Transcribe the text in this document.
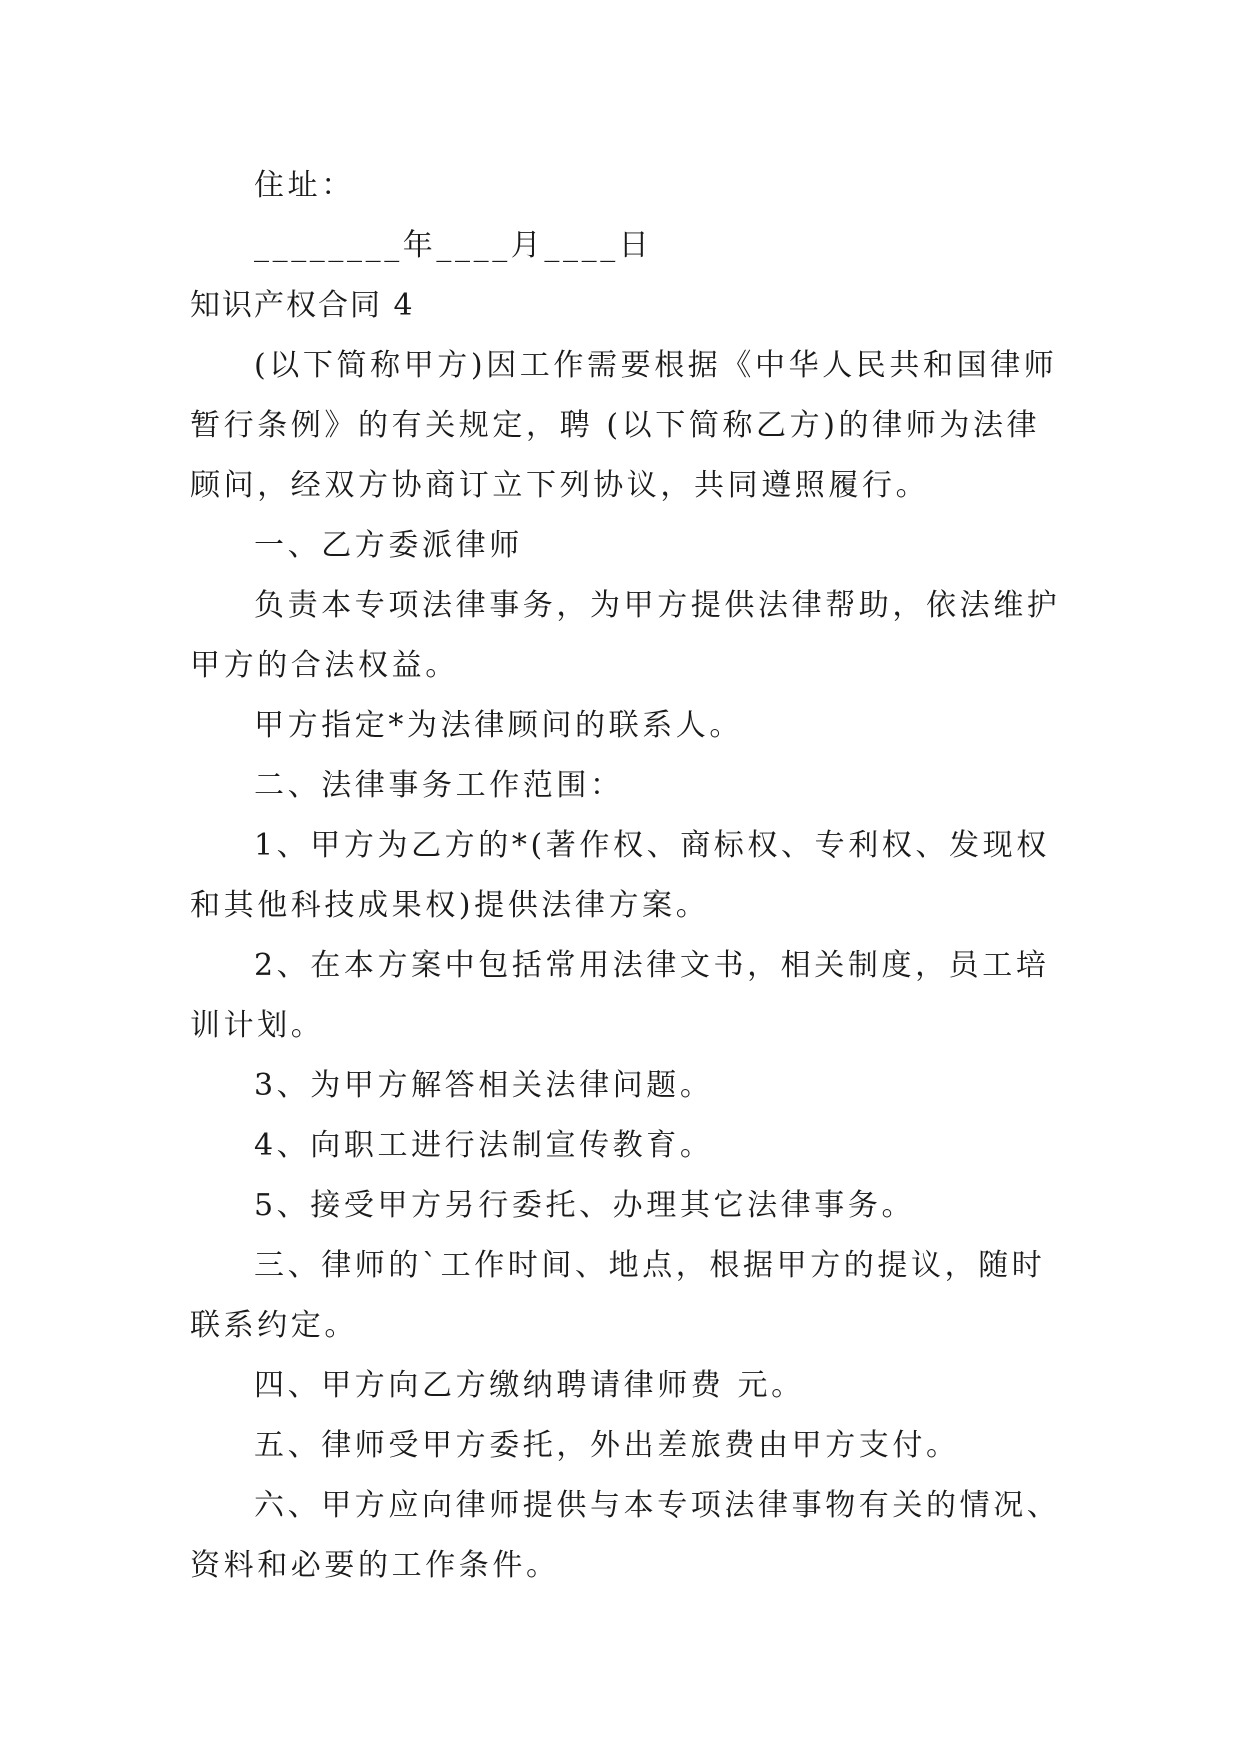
住址：

________年____月____日

知识产权合同 4

(以下简称甲方)因工作需要根据《中华人民共和国律师

暂行条例》的有关规定，聘 (以下简称乙方)的律师为法律

顾问，经双方协商订立下列协议，共同遵照履行。

一、乙方委派律师

负责本专项法律事务，为甲方提供法律帮助，依法维护

甲方的合法权益。

甲方指定*为法律顾问的联系人。

二、法律事务工作范围：

1、甲方为乙方的*(著作权、商标权、专利权、发现权

和其他科技成果权)提供法律方案。

2、在本方案中包括常用法律文书，相关制度，员工培

训计划。

3、为甲方解答相关法律问题。

4、向职工进行法制宣传教育。

5、接受甲方另行委托、办理其它法律事务。

三、律师的`工作时间、地点，根据甲方的提议，随时

联系约定。

四、甲方向乙方缴纳聘请律师费 元。

五、律师受甲方委托，外出差旅费由甲方支付。

六、甲方应向律师提供与本专项法律事物有关的情况、

资料和必要的工作条件。
